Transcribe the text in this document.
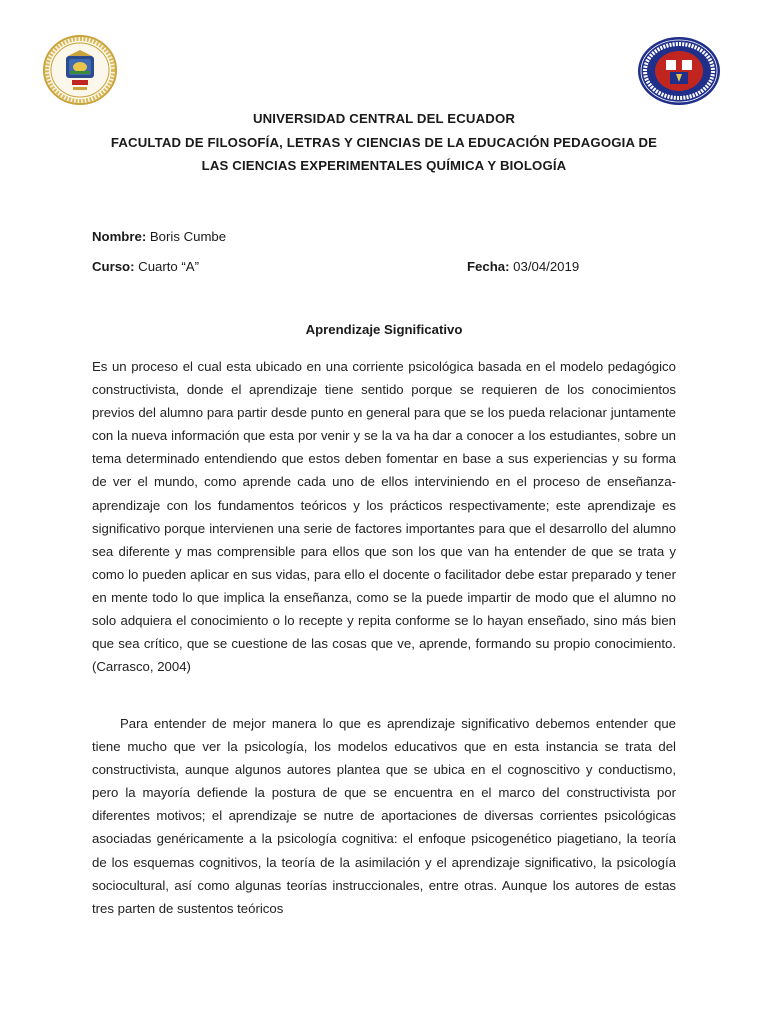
UNIVERSIDAD CENTRAL DEL ECUADOR
FACULTAD DE FILOSOFÍA, LETRAS Y CIENCIAS DE LA EDUCACIÓN PEDAGOGIA DE
LAS CIENCIAS EXPERIMENTALES QUÍMICA Y BIOLOGÍA
Nombre: Boris Cumbe
Curso: Cuarto “A”	Fecha: 03/04/2019
Aprendizaje Significativo

Es un proceso el cual esta ubicado en una corriente psicológica basada en el modelo pedagógico constructivista, donde el aprendizaje tiene sentido porque se requieren de los conocimientos previos del alumno para partir desde punto en general para que se los pueda relacionar juntamente con la nueva información que esta por venir y se la va ha dar a conocer a los estudiantes, sobre un tema determinado entendiendo que estos deben fomentar en base a sus experiencias y su forma de ver el mundo, como aprende cada uno de ellos interviniendo en el proceso de enseñanza-aprendizaje con los fundamentos teóricos y los prácticos respectivamente; este aprendizaje es significativo porque intervienen una serie de factores importantes para que el desarrollo del alumno sea diferente y mas comprensible para ellos que son los que van ha entender de que se trata y como lo pueden aplicar en sus vidas, para ello el docente o facilitador debe estar preparado y tener en mente todo lo que implica la enseñanza, como se la puede impartir de modo que el alumno no solo adquiera el conocimiento o lo recepte y repita conforme se lo hayan enseñado, sino más bien que sea crítico, que se cuestione de las cosas que ve, aprende, formando su propio conocimiento. (Carrasco, 2004)

Para entender de mejor manera lo que es aprendizaje significativo debemos entender que tiene mucho que ver la psicología, los modelos educativos que en esta instancia se trata del constructivista, aunque algunos autores plantea que se ubica en el cognoscitivo y conductismo, pero la mayoría defiende la postura de que se encuentra en el marco del constructivista por diferentes motivos; el aprendizaje se nutre de aportaciones de diversas corrientes psicológicas asociadas genéricamente a la psicología cognitiva: el enfoque psicogenético piagetiano, la teoría de los esquemas cognitivos, la teoría de la asimilación y el aprendizaje significativo, la psicología sociocultural, así como algunas teorías instruccionales, entre otras. Aunque los autores de estas tres parten de sustentos teóricos
